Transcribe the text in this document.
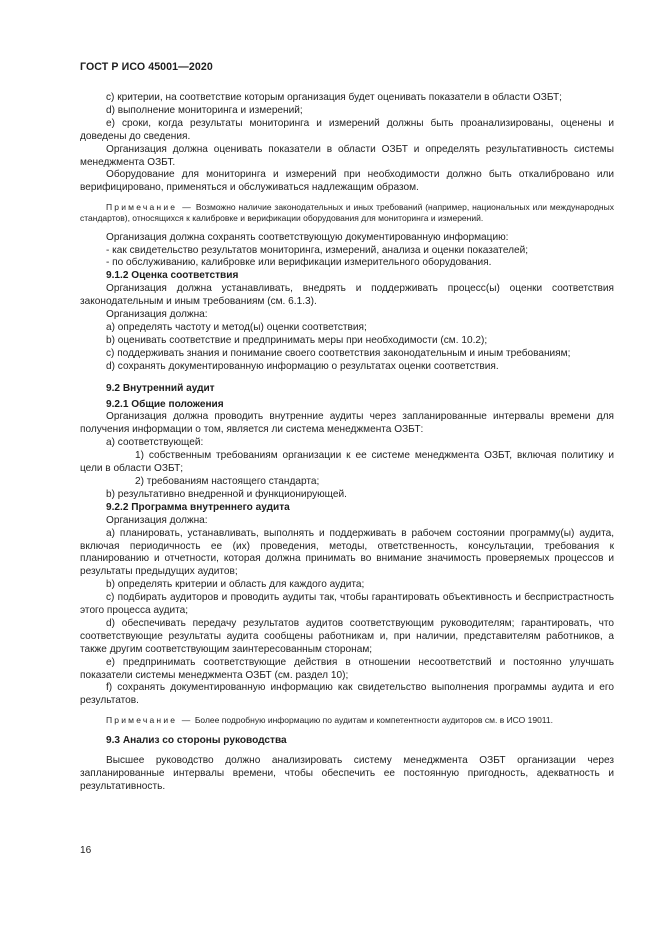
ГОСТ Р ИСО 45001—2020

c) критерии, на соответствие которым организация будет оценивать показатели в области ОЗБТ;

d) выполнение мониторинга и измерений;

e) сроки, когда результаты мониторинга и измерений должны быть проанализированы, оценены и доведены до сведения.

Организация должна оценивать показатели в области ОЗБТ и определять результативность системы менеджмента ОЗБТ.

Оборудование для мониторинга и измерений при необходимости должно быть откалибровано или верифицировано, применяться и обслуживаться надлежащим образом.

Примечание — Возможно наличие законодательных и иных требований (например, национальных или международных стандартов), относящихся к калибровке и верификации оборудования для мониторинга и измерений.

Организация должна сохранять соответствующую документированную информацию:

- как свидетельство результатов мониторинга, измерений, анализа и оценки показателей;

- по обслуживанию, калибровке или верификации измерительного оборудования.

9.1.2 Оценка соответствия

Организация должна устанавливать, внедрять и поддерживать процесс(ы) оценки соответствия законодательным и иным требованиям (см. 6.1.3).

Организация должна:

a) определять частоту и метод(ы) оценки соответствия;

b) оценивать соответствие и предпринимать меры при необходимости (см. 10.2);

c) поддерживать знания и понимание своего соответствия законодательным и иным требованиям;

d) сохранять документированную информацию о результатах оценки соответствия.

9.2 Внутренний аудит

9.2.1 Общие положения

Организация должна проводить внутренние аудиты через запланированные интервалы времени для получения информации о том, является ли система менеджмента ОЗБТ:

a) соответствующей:

1) собственным требованиям организации к ее системе менеджмента ОЗБТ, включая политику и цели в области ОЗБТ;

2) требованиям настоящего стандарта;

b) результативно внедренной и функционирующей.

9.2.2 Программа внутреннего аудита

Организация должна:

a) планировать, устанавливать, выполнять и поддерживать в рабочем состоянии программу(ы) аудита, включая периодичность ее (их) проведения, методы, ответственность, консультации, требования к планированию и отчетности, которая должна принимать во внимание значимость проверяемых процессов и результаты предыдущих аудитов;

b) определять критерии и область для каждого аудита;

c) подбирать аудиторов и проводить аудиты так, чтобы гарантировать объективность и беспристрастность этого процесса аудита;

d) обеспечивать передачу результатов аудитов соответствующим руководителям; гарантировать, что соответствующие результаты аудита сообщены работникам и, при наличии, представителям работников, а также другим соответствующим заинтересованным сторонам;

e) предпринимать соответствующие действия в отношении несоответствий и постоянно улучшать показатели системы менеджмента ОЗБТ (см. раздел 10);

f) сохранять документированную информацию как свидетельство выполнения программы аудита и его результатов.

Примечание — Более подробную информацию по аудитам и компетентности аудиторов см. в ИСО 19011.

9.3 Анализ со стороны руководства

Высшее руководство должно анализировать систему менеджмента ОЗБТ организации через запланированные интервалы времени, чтобы обеспечить ее постоянную пригодность, адекватность и результативность.

16
